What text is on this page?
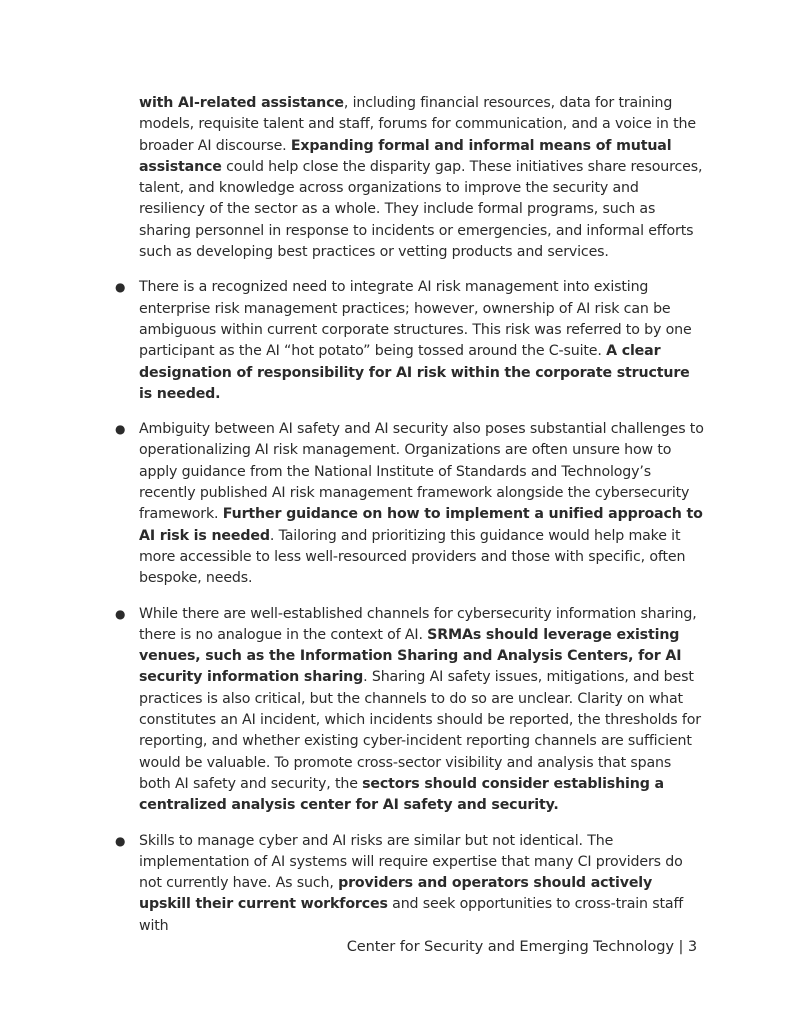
with AI-related assistance, including financial resources, data for training models, requisite talent and staff, forums for communication, and a voice in the broader AI discourse. Expanding formal and informal means of mutual assistance could help close the disparity gap. These initiatives share resources, talent, and knowledge across organizations to improve the security and resiliency of the sector as a whole. They include formal programs, such as sharing personnel in response to incidents or emergencies, and informal efforts such as developing best practices or vetting products and services.

● There is a recognized need to integrate AI risk management into existing enterprise risk management practices; however, ownership of AI risk can be ambiguous within current corporate structures. This risk was referred to by one participant as the AI “hot potato” being tossed around the C-suite. A clear designation of responsibility for AI risk within the corporate structure is needed.
● Ambiguity between AI safety and AI security also poses substantial challenges to operationalizing AI risk management. Organizations are often unsure how to apply guidance from the National Institute of Standards and Technology’s recently published AI risk management framework alongside the cybersecurity framework. Further guidance on how to implement a unified approach to AI risk is needed. Tailoring and prioritizing this guidance would help make it more accessible to less well-resourced providers and those with specific, often bespoke, needs.
● While there are well-established channels for cybersecurity information sharing, there is no analogue in the context of AI. SRMAs should leverage existing venues, such as the Information Sharing and Analysis Centers, for AI security information sharing. Sharing AI safety issues, mitigations, and best practices is also critical, but the channels to do so are unclear. Clarity on what constitutes an AI incident, which incidents should be reported, the thresholds for reporting, and whether existing cyber-incident reporting channels are sufficient would be valuable. To promote cross-sector visibility and analysis that spans both AI safety and security, the sectors should consider establishing a centralized analysis center for AI safety and security.
● Skills to manage cyber and AI risks are similar but not identical. The implementation of AI systems will require expertise that many CI providers do not currently have. As such, providers and operators should actively upskill their current workforces and seek opportunities to cross-train staff with
Center for Security and Emerging Technology | 3
